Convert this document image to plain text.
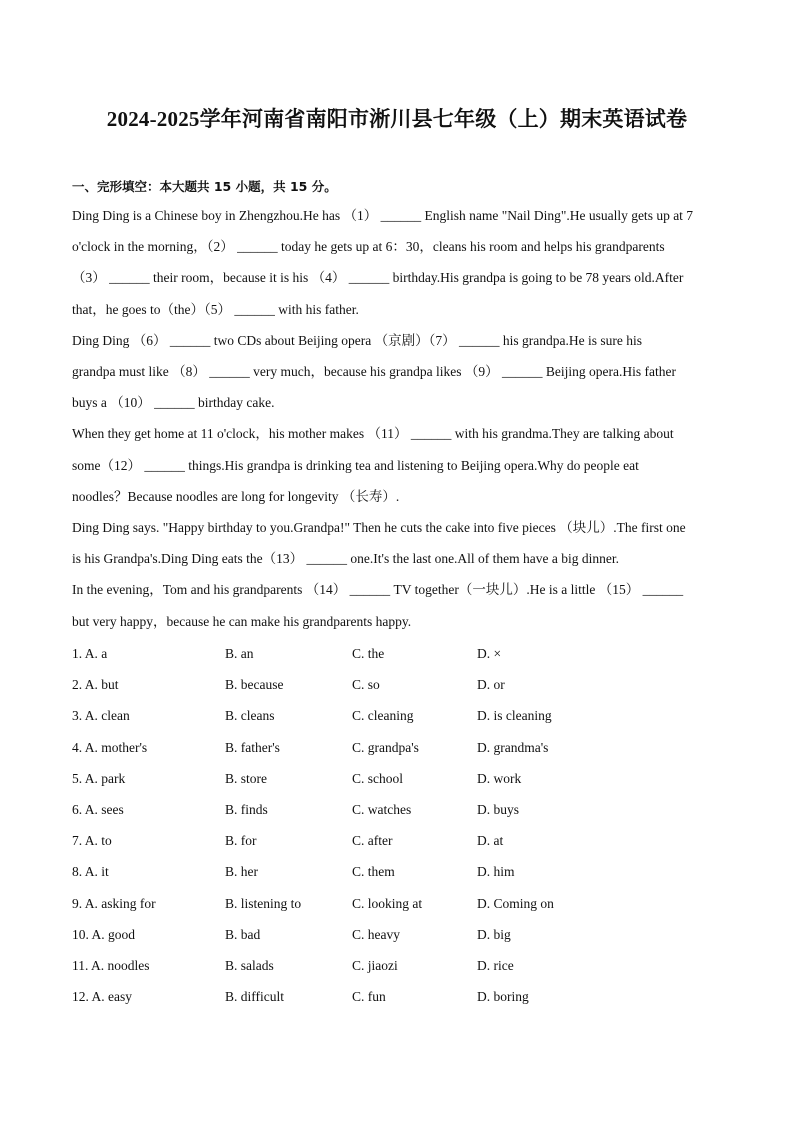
2024-2025学年河南省南阳市淅川县七年级（上）期末英语试卷
一、完形填空：本大题共 15 小题，共 15 分。

Ding Ding is a Chinese boy in Zhengzhou.He has （1） ______ English name "Nail Ding".He usually gets up at 7

o'clock in the morning，（2） ______ today he gets up at 6：30，cleans his room and helps his grandparents

（3） ______ their room，because it is his （4） ______ birthday.His grandpa is going to be 78 years old.After

that，he goes to（the）（5） ______ with his father.

Ding Ding （6） ______ two CDs about Beijing opera （京剧）（7） ______ his grandpa.He is sure his

grandpa must like （8） ______ very much，because his grandpa likes （9） ______ Beijing opera.His father

buys a （10） ______ birthday cake.

When they get home at 11 o'clock，his mother makes （11） ______ with his grandma.They are talking about

some（12） ______ things.His grandpa is drinking tea and listening to Beijing opera.Why do people eat

noodles？Because noodles are long for longevity （长寿）.

Ding Ding says. "Happy birthday to you.Grandpa!" Then he cuts the cake into five pieces （块儿）.The first one

is his Grandpa's.Ding Ding eats the（13） ______ one.It's the last one.All of them have a big dinner.

In the evening，Tom and his grandparents （14） ______ TV together（一块儿）.He is a little （15） ______

but very happy，because he can make his grandparents happy.

1. A. a	B. an	C. the	D. ×
2. A. but	B. because	C. so	D. or
3. A. clean	B. cleans	C. cleaning	D. is cleaning
4. A. mother's	B. father's	C. grandpa's	D. grandma's
5. A. park	B. store	C. school	D. work
6. A. sees	B. finds	C. watches	D. buys
7. A. to	B. for	C. after	D. at
8. A. it	B. her	C. them	D. him
9. A. asking for	B. listening to	C. looking at	D. Coming on
10. A. good	B. bad	C. heavy	D. big
11. A. noodles	B. salads	C. jiaozi	D. rice
12. A. easy	B. difficult	C. fun	D. boring
